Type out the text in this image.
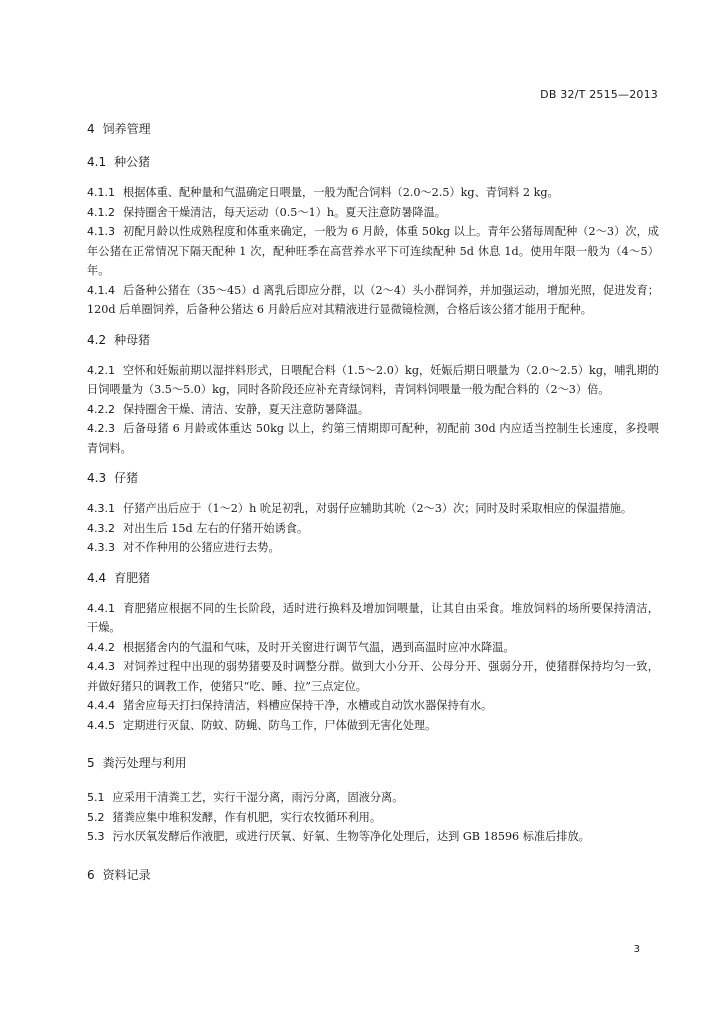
DB 32/T 2515—2013
4 饲养管理
4.1 种公猪

4.1.1 根据体重、配种量和气温确定日喂量，一般为配合饲料（2.0～2.5）kg、青饲料 2 kg。

4.1.2 保持圈舍干燥清洁，每天运动（0.5～1）h。夏天注意防暑降温。

4.1.3 初配月龄以性成熟程度和体重来确定，一般为 6 月龄，体重 50kg 以上。青年公猪每周配种（2～3）次，成年公猪在正常情况下隔天配种 1 次，配种旺季在高营养水平下可连续配种 5d 休息 1d。使用年限一般为（4～5）年。

4.1.4 后备种公猪在（35～45）d 离乳后即应分群，以（2～4）头小群饲养，并加强运动，增加光照，促进发育；120d 后单圈饲养，后备种公猪达 6 月龄后应对其精液进行显微镜检测，合格后该公猪才能用于配种。

4.2 种母猪

4.2.1 空怀和妊娠前期以湿拌料形式，日喂配合料（1.5～2.0）kg，妊娠后期日喂量为（2.0～2.5）kg，哺乳期的日饲喂量为（3.5～5.0）kg，同时各阶段还应补充青绿饲料，青饲料饲喂量一般为配合料的（2～3）倍。

4.2.2 保持圈舍干燥、清洁、安静，夏天注意防暑降温。

4.2.3 后备母猪 6 月龄或体重达 50kg 以上，约第三情期即可配种，初配前 30d 内应适当控制生长速度，多投喂青饲料。

4.3 仔猪

4.3.1 仔猪产出后应于（1～2）h 吮足初乳，对弱仔应辅助其吮（2～3）次；同时及时采取相应的保温措施。

4.3.2 对出生后 15d 左右的仔猪开始诱食。

4.3.3 对不作种用的公猪应进行去势。

4.4 育肥猪

4.4.1 育肥猪应根据不同的生长阶段，适时进行换料及增加饲喂量，让其自由采食。堆放饲料的场所要保持清洁，干燥。

4.4.2 根据猪舍内的气温和气味，及时开关窗进行调节气温，遇到高温时应冲水降温。

4.4.3 对饲养过程中出现的弱势猪要及时调整分群。做到大小分开、公母分开、强弱分开，使猪群保持均匀一致，并做好猪只的调教工作，使猪只“吃、睡、拉”三点定位。

4.4.4 猪舍应每天打扫保持清洁，料槽应保持干净，水槽或自动饮水器保持有水。

4.4.5 定期进行灭鼠、防蚊、防蝇、防鸟工作，尸体做到无害化处理。

5 粪污处理与利用

5.1 应采用干清粪工艺，实行干湿分离，雨污分离，固液分离。

5.2 猪粪应集中堆积发酵，作有机肥，实行农牧循环利用。

5.3 污水厌氧发酵后作液肥，或进行厌氧、好氧、生物等净化处理后，达到 GB 18596 标准后排放。

6 资料记录
3
